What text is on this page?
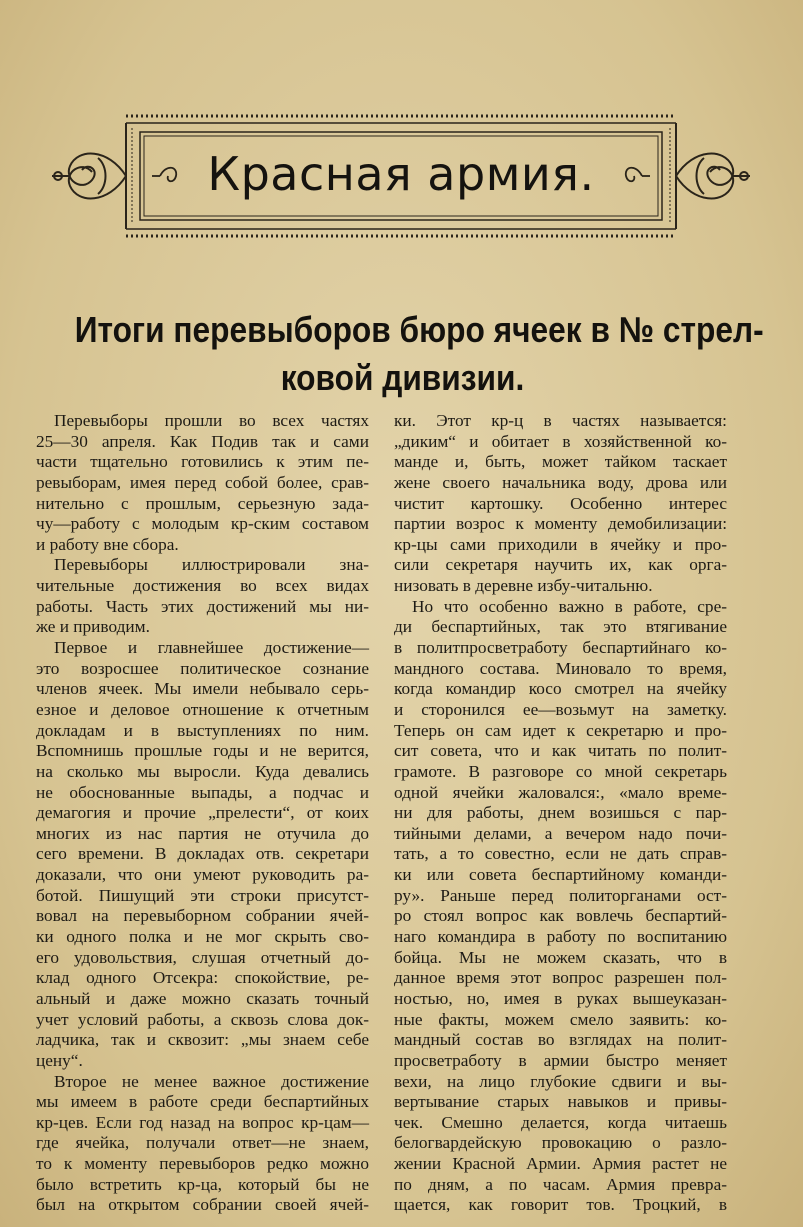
Красная армия.
Итоги перевыборов бюро ячеек в № стрел-
ковой дивизии.
Перевыборы прошли во всех частях
25—30 апреля. Как Подив так и сами
части тщательно готовились к этим пе-
ревыборам, имея перед собой более, срав-
нительно с прошлым, серьезную зада-
чу—работу с молодым кр-ским составом
и работу вне сбора.
Перевыборы иллюстрировали зна-
чительные достижения во всех видах
работы. Часть этих достижений мы ни-
же и приводим.
Первое и главнейшее достижение—
это возросшее политическое сознание
членов ячеек. Мы имели небывало серь-
езное и деловое отношение к отчетным
докладам и в выступлениях по ним.
Вспомнишь прошлые годы и не верится,
на сколько мы выросли. Куда девались
не обоснованные выпады, а подчас и
демагогия и прочие „прелести“, от коих
многих из нас партия не отучила до
сего времени. В докладах отв. секретари
доказали, что они умеют руководить ра-
ботой. Пишущий эти строки присутст-
вовал на перевыборном собрании ячей-
ки одного полка и не мог скрыть сво-
его удовольствия, слушая отчетный до-
клад одного Отсекра: спокойствие, ре-
альный и даже можно сказать точный
учет условий работы, а сквозь слова док-
ладчика, так и сквозит: „мы знаем себе
цену“.
Второе не менее важное достижение
мы имеем в работе среди беспартийных
кр-цев. Если год назад на вопрос кр-цам—
где ячейка, получали ответ—не знаем,
то к моменту перевыборов редко можно
было встретить кр-ца, который бы не
был на открытом собрании своей ячей-
ки. Этот кр-ц в частях называется:
„диким“ и обитает в хозяйственной ко-
манде и, быть, может тайком таскает
жене своего начальника воду, дрова или
чистит картошку. Особенно интерес
партии возрос к моменту демобилизации:
кр-цы сами приходили в ячейку и про-
сили секретаря научить их, как орга-
низовать в деревне избу-читальню.
Но что особенно важно в работе, сре-
ди беспартийных, так это втягивание
в политпросветработу беспартийнаго ко-
мандного состава. Миновало то время,
когда командир косо смотрел на ячейку
и сторонился ее—возьмут на заметку.
Теперь он сам идет к секретарю и про-
сит совета, что и как читать по полит-
грамоте. В разговоре со мной секретарь
одной ячейки жаловался:, «мало време-
ни для работы, днем возишься с пар-
тийными делами, а вечером надо почи-
тать, а то совестно, если не дать справ-
ки или совета беспартийному команди-
ру». Раньше перед политорганами ост-
ро стоял вопрос как вовлечь беспартий-
наго командира в работу по воспитанию
бойца. Мы не можем сказать, что в
данное время этот вопрос разрешен пол-
ностью, но, имея в руках вышеуказан-
ные факты, можем смело заявить: ко-
мандный состав во взглядах на полит-
просветработу в армии быстро меняет
вехи, на лицо глубокие сдвиги и вы-
вертывание старых навыков и привы-
чек. Смешно делается, когда читаешь
белогвардейскую провокацию о разло-
жении Красной Армии. Армия растет не
по дням, а по часам. Армия превра-
щается, как говорит тов. Троцкий, в
